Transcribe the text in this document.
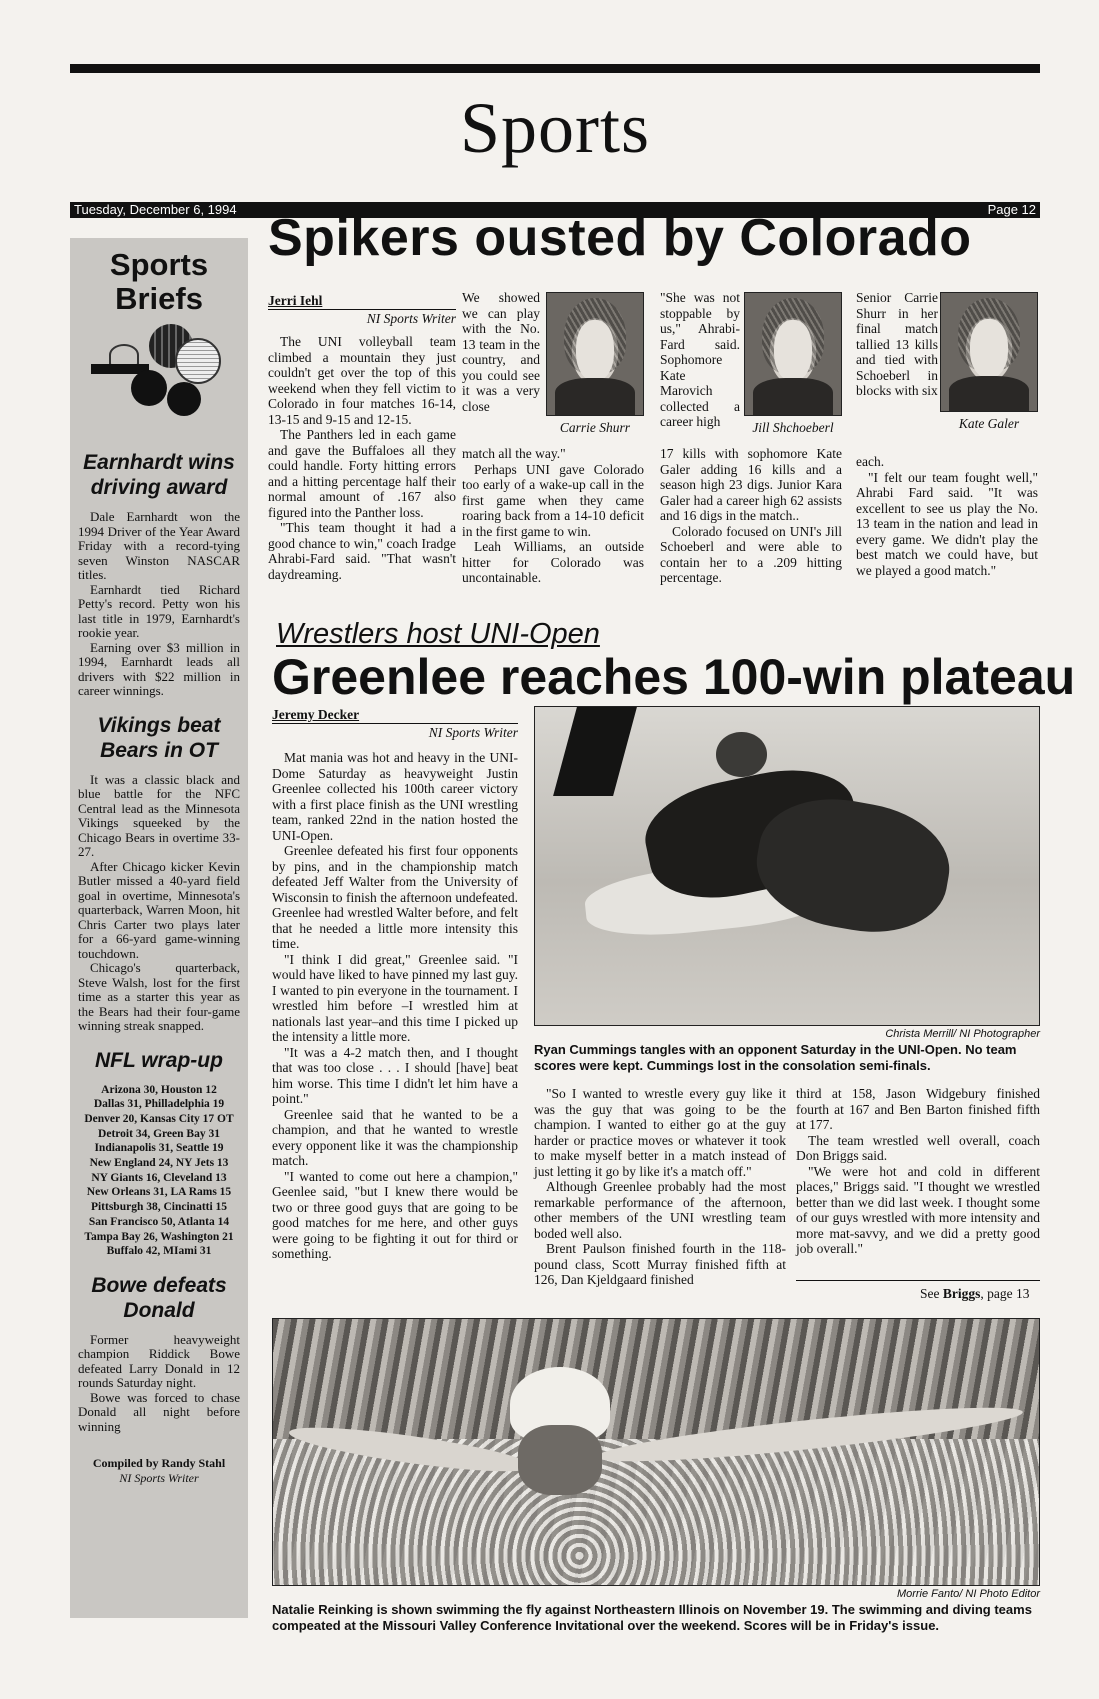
Sports
Tuesday, December 6, 1994	Page 12
Sports
Briefs
Earnhardt wins driving award

Dale Earnhardt won the 1994 Driver of the Year Award Friday with a record-tying seven Winston NASCAR titles.

Earnhardt tied Richard Petty's record. Petty won his last title in 1979, Earnhardt's rookie year.

Earning over $3 million in 1994, Earnhardt leads all drivers with $22 million in career winnings.

Vikings beat Bears in OT

It was a classic black and blue battle for the NFC Central lead as the Minnesota Vikings squeeked by the Chicago Bears in overtime 33-27.

After Chicago kicker Kevin Butler missed a 40-yard field goal in overtime, Minnesota's quarterback, Warren Moon, hit Chris Carter two plays later for a 66-yard game-winning touchdown.

Chicago's quarterback, Steve Walsh, lost for the first time as a starter this year as the Bears had their four-game winning streak snapped.

NFL wrap-up
Arizona 30, Houston 12
Dallas 31, Philladelphia 19
Denver 20, Kansas City 17 OT
Detroit 34, Green Bay 31
Indianapolis 31, Seattle 19
New England 24, NY Jets 13
NY Giants 16, Cleveland 13
New Orleans 31, LA Rams 15
Pittsburgh 38, Cincinatti 15
San Francisco 50, Atlanta 14
Tampa Bay 26, Washington 21
Buffalo 42, MIami 31
Bowe defeats Donald

Former heavyweight champion Riddick Bowe defeated Larry Donald in 12 rounds Saturday night.

Bowe was forced to chase Donald all night before winning

Compiled by Randy Stahl
NI Sports Writer
Spikers ousted by Colorado
Jerri Iehl
NI Sports Writer

The UNI volleyball team climbed a mountain they just couldn't get over the top of this weekend when they fell victim to Colorado in four matches 16-14, 13-15 and 9-15 and 12-15.

The Panthers led in each game and gave the Buffaloes all they could handle. Forty hitting errors and a hitting percentage half their normal amount of .167 also figured into the Panther loss.

"This team thought it had a good chance to win," coach Iradge Ahrabi-Fard said. "That wasn't daydreaming.

We showed we can play with the No. 13 team in the country, and you could see it was a very close
Carrie Shurr

match all the way."

Perhaps UNI gave Colorado too early of a wake-up call in the first game when they came roaring back from a 14-10 deficit in the first game to win.

Leah Williams, an outside hitter for Colorado was uncontainable.

"She was not stoppable by us," Ahrabi-Fard said. Sophomore Kate Marovich collected a career high	Jill Shchoeberl

17 kills with sophomore Kate Galer adding 16 kills and a season high 23 digs. Junior Kara Galer had a career high 62 assists and 16 digs in the match..

Colorado focused on UNI's Jill Schoeberl and were able to contain her to a .209 hitting percentage.

Senior Carrie Shurr in her final match tallied 13 kills and tied with Schoeberl in blocks with six
Kate Galer

each.

"I felt our team fought well," Ahrabi Fard said. "It was excellent to see us play the No. 13 team in the nation and lead in every game. We didn't play the best match we could have, but we played a good match."

Wrestlers host UNI-Open
Greenlee reaches 100-win plateau
Jeremy Decker
NI Sports Writer

Mat mania was hot and heavy in the UNI-Dome Saturday as heavyweight Justin Greenlee collected his 100th career victory with a first place finish as the UNI wrestling team, ranked 22nd in the nation hosted the UNI-Open.

Greenlee defeated his first four opponents by pins, and in the championship match defeated Jeff Walter from the University of Wisconsin to finish the afternoon undefeated. Greenlee had wrestled Walter before, and felt that he needed a little more intensity this time.

"I think I did great," Greenlee said. "I would have liked to have pinned my last guy. I wanted to pin everyone in the tournament. I wrestled him before –I wrestled him at nationals last year–and this time I picked up the intensity a little more.

"It was a 4-2 match then, and I thought that was too close . . . I should [have] beat him worse. This time I didn't let him have a point."

Greenlee said that he wanted to be a champion, and that he wanted to wrestle every opponent like it was the championship match.

"I wanted to come out here a champion," Geenlee said, "but I knew there would be two or three good guys that are going to be good matches for me here, and other guys were going to be fighting it out for third or something.

Christa Merrill/ NI Photographer
Ryan Cummings tangles with an opponent Saturday in the UNI-Open. No team scores were kept. Cummings lost in the consolation semi-finals.

"So I wanted to wrestle every guy like it was the guy that was going to be the champion. I wanted to either go at the guy harder or practice moves or whatever it took to make myself better in a match instead of just letting it go by like it's a match off."

Although Greenlee probably had the most remarkable performance of the afternoon, other members of the UNI wrestling team boded well also.

Brent Paulson finished fourth in the 118-pound class, Scott Murray finished fifth at 126, Dan Kjeldgaard finished

third at 158, Jason Widgebury finished fourth at 167 and Ben Barton finished fifth at 177.

The team wrestled well overall, coach Don Briggs said.

"We were hot and cold in different places," Briggs said. "I thought we wrestled better than we did last week. I thought some of our guys wrestled with more intensity and more mat-savvy, and we did a pretty good job overall."

See Briggs, page 13
Morrie Fanto/ NI Photo Editor
Natalie Reinking is shown swimming the fly against Northeastern Illinois on November 19. The swimming and diving teams compeated at the Missouri Valley Conference Invitational over the weekend. Scores will be in Friday's issue.
